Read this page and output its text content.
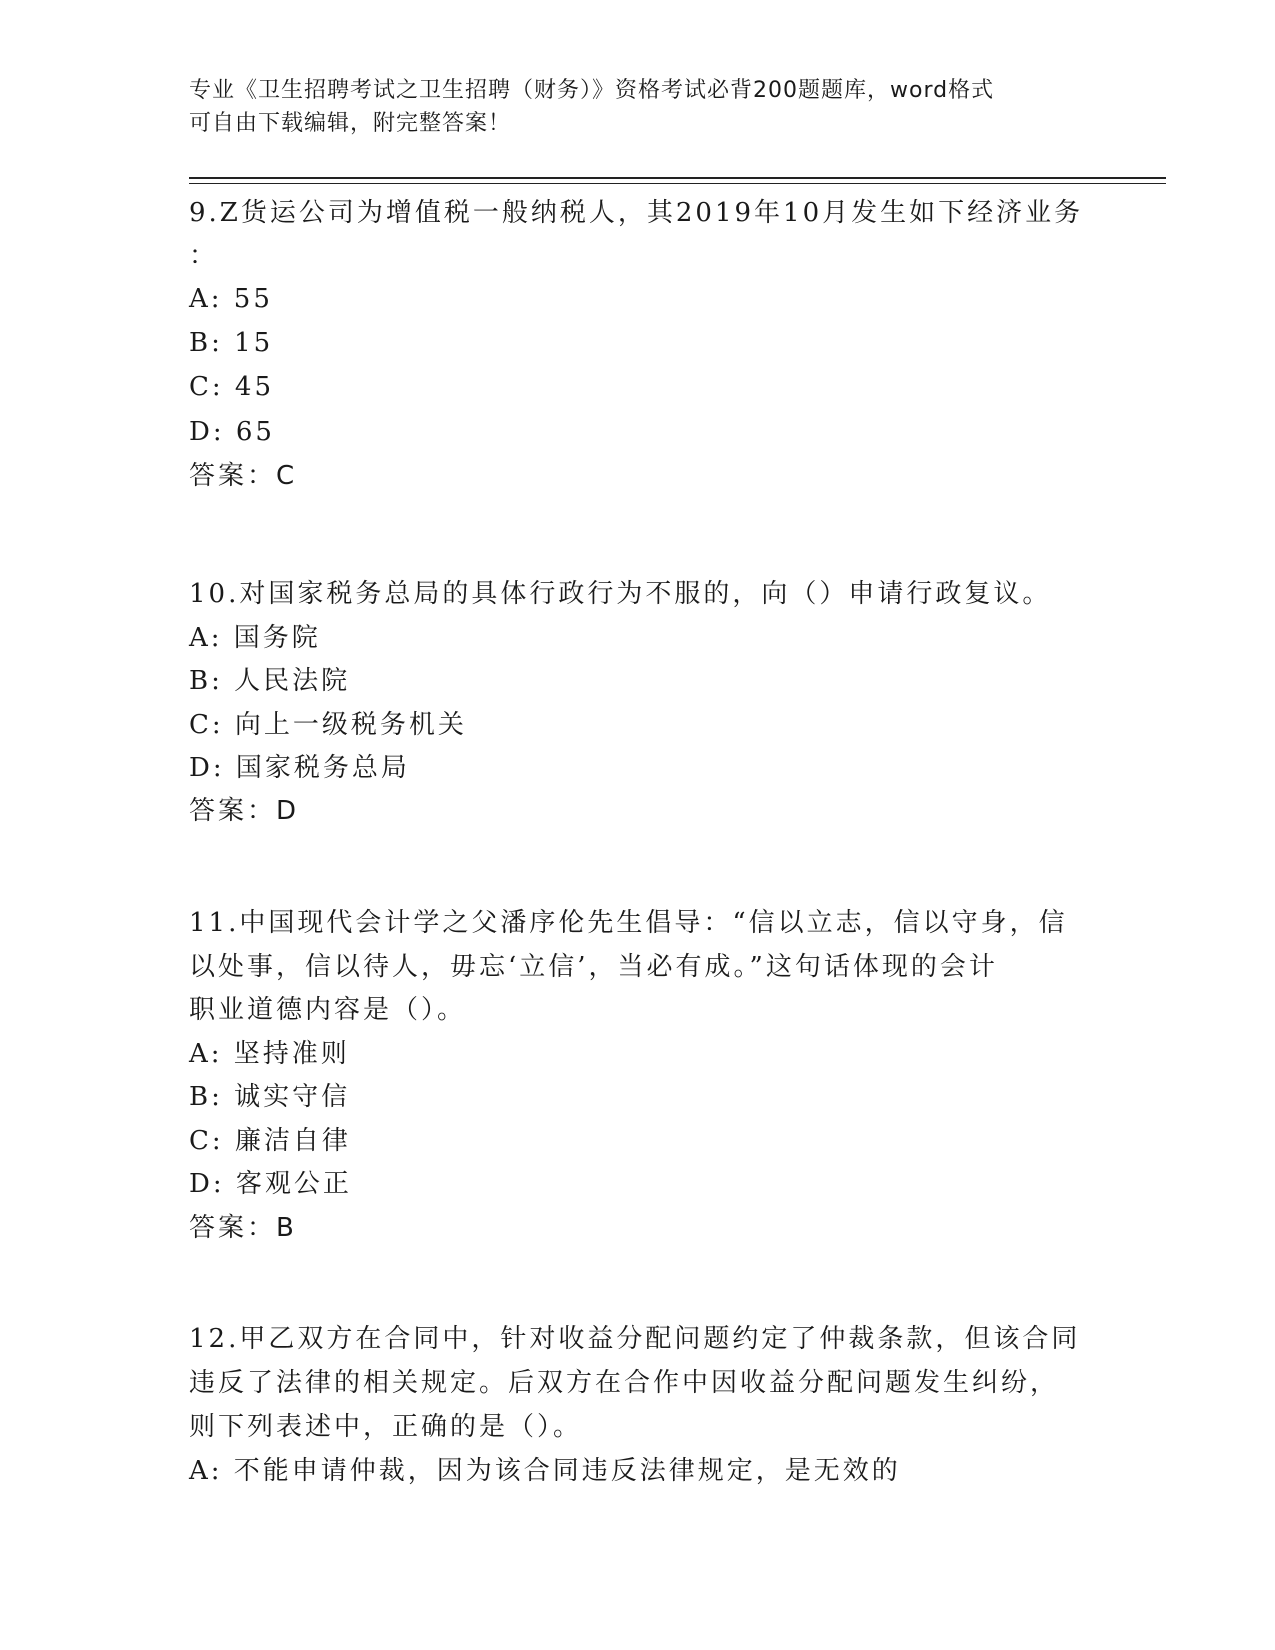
专业《卫生招聘考试之卫生招聘（财务）》资格考试必背200题题库，word格式
可自由下载编辑，附完整答案！

9.Z货运公司为增值税一般纳税人，其2019年10月发生如下经济业务

：

A: 55

B: 15

C: 45

D: 65

答案：C

10.对国家税务总局的具体行政行为不服的，向（）申请行政复议。

A: 国务院

B: 人民法院

C: 向上一级税务机关

D: 国家税务总局

答案：D

11.中国现代会计学之父潘序伦先生倡导：“信以立志，信以守身，信

以处事，信以待人，毋忘‘立信’，当必有成。”这句话体现的会计

职业道德内容是（）。

A: 坚持准则

B: 诚实守信

C: 廉洁自律

D: 客观公正

答案：B

12.甲乙双方在合同中，针对收益分配问题约定了仲裁条款，但该合同

违反了法律的相关规定。后双方在合作中因收益分配问题发生纠纷，

则下列表述中，正确的是（）。

A: 不能申请仲裁，因为该合同违反法律规定，是无效的
